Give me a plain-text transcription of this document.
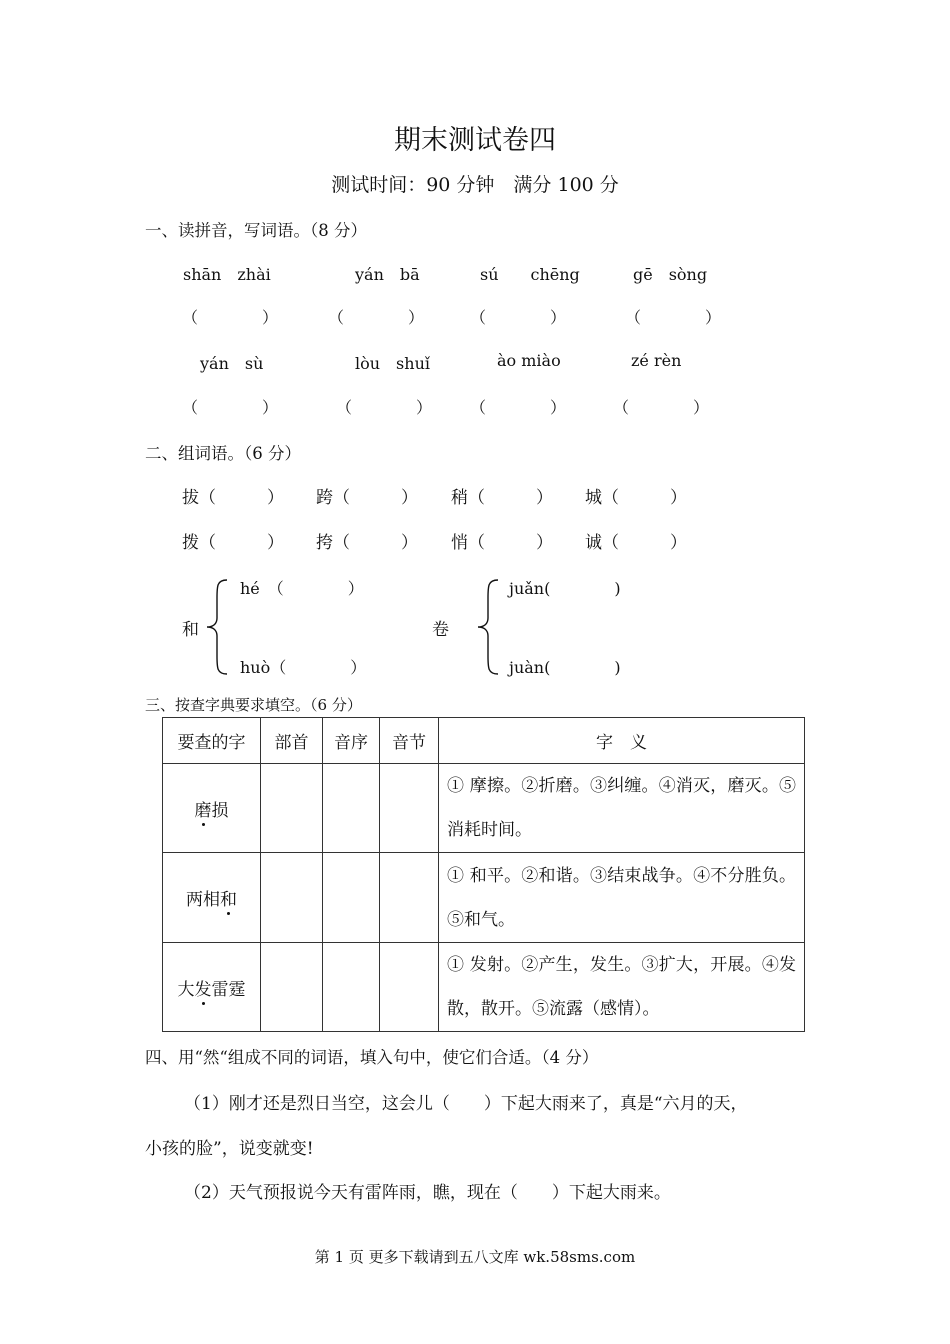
期末测试卷四
测试时间：90 分钟　满分 100 分
一、读拼音，写词语。（8 分）
shān　zhài	yán　bā	sú　　chēng	gē　sòng
（　　　　）	（　　　　）	（　　　　）	（　　　　）
yán　sù	lòu　shuǐ	ào miào	zé rèn
（　　　　）	（　　　　） （　　　　）	（　　　　）
二、组词语。（6 分）
拔（　　　） 跨（　　　） 稍（　　　） 城（　　　）
拨（　　　） 挎（　　　） 悄（　　　） 诚（　　　）
和
hé　（　　　　）
huò（　　　　）
卷
juǎn(　　　　)
juàn(　　　　)
三、按查字典要求填空。（6 分）
要查的字	部首	音序	音节	字　义
磨损				① 摩擦。②折磨。③纠缠。④消灭，磨灭。⑤消耗时间。
两相和				① 和平。②和谐。③结束战争。④不分胜负。⑤和气。
大发雷霆				① 发射。②产生，发生。③扩大，开展。④发散，散开。⑤流露（感情）。
四、用“然“组成不同的词语，填入句中，使它们合适。（4 分）
（1）刚才还是烈日当空，这会儿（　　）下起大雨来了，真是“六月的天，
小孩的脸”，说变就变!
（2）天气预报说今天有雷阵雨，瞧，现在（　　）下起大雨来。
第 1 页 更多下载请到五八文库 wk.58sms.com
